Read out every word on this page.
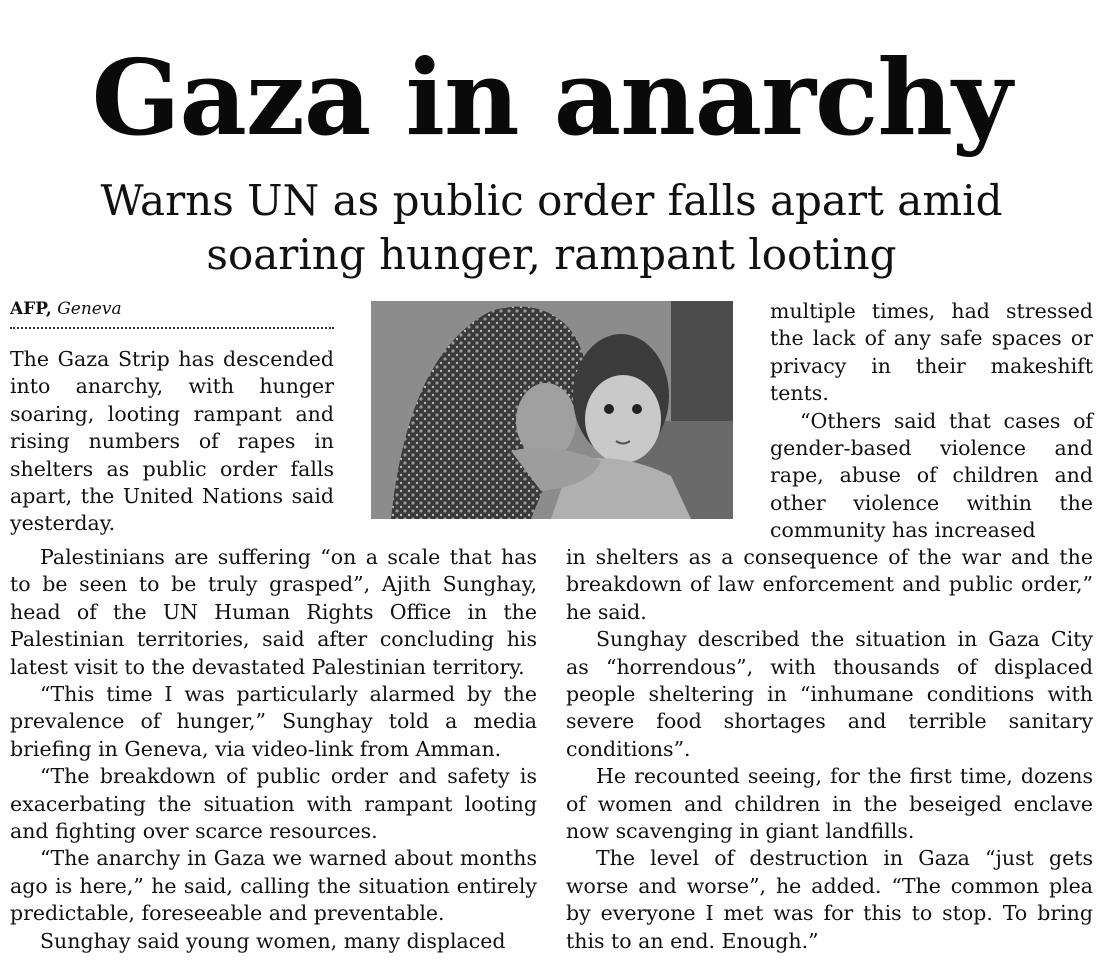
Gaza in anarchy
Warns UN as public order falls apart amid soaring hunger, rampant looting
AFP, Geneva

The Gaza Strip has descended into anarchy, with hunger soaring, looting rampant and rising numbers of rapes in shelters as public order falls apart, the United Nations said yesterday.

Palestinians are suffering “on a scale that has to be seen to be truly grasped”, Ajith Sunghay, head of the UN Human Rights Office in the Palestinian territories, said after concluding his latest visit to the devastated Palestinian territory.

“This time I was particularly alarmed by the prevalence of hunger,” Sunghay told a media briefing in Geneva, via video-link from Amman.

“The breakdown of public order and safety is exacerbating the situation with rampant looting and fighting over scarce resources.

“The anarchy in Gaza we warned about months ago is here,” he said, calling the situation entirely predictable, foreseeable and preventable.

Sunghay said young women, many displaced

multiple times, had stressed the lack of any safe spaces or privacy in their makeshift tents.

“Others said that cases of gender-based violence and rape, abuse of children and other violence within the community has increased

in shelters as a consequence of the war and the breakdown of law enforcement and public order,” he said.

Sunghay described the situation in Gaza City as “horrendous”, with thousands of displaced people sheltering in “inhumane conditions with severe food shortages and terrible sanitary conditions”.

He recounted seeing, for the first time, dozens of women and children in the beseiged enclave now scavenging in giant landfills.

The level of destruction in Gaza “just gets worse and worse”, he added. “The common plea by everyone I met was for this to stop. To bring this to an end. Enough.”
